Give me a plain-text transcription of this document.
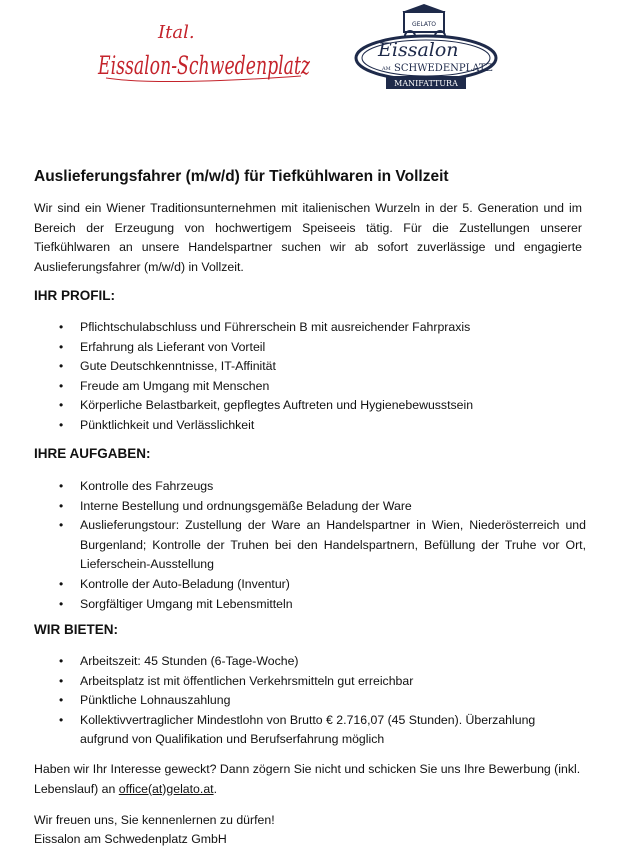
Ital.
Eissalon-Schwedenplatz
GELATO
Eissalon
AM SCHWEDENPLATZ
MANIFATTURA
Auslieferungsfahrer (m/w/d) für Tiefkühlwaren in Vollzeit

Wir sind ein Wiener Traditionsunternehmen mit italienischen Wurzeln in der 5. Generation und im Bereich der Erzeugung von hochwertigem Speiseeis tätig. Für die Zustellungen unserer Tiefkühlwaren an unsere Handelspartner suchen wir ab sofort zuverlässige und engagierte Auslieferungsfahrer (m/w/d) in Vollzeit.

IHR PROFIL:
• Pflichtschulabschluss und Führerschein B mit ausreichender Fahrpraxis
• Erfahrung als Lieferant von Vorteil
• Gute Deutschkenntnisse, IT-Affinität
• Freude am Umgang mit Menschen
• Körperliche Belastbarkeit, gepflegtes Auftreten und Hygienebewusstsein
• Pünktlichkeit und Verlässlichkeit
IHRE AUFGABEN:
• Kontrolle des Fahrzeugs
• Interne Bestellung und ordnungsgemäße Beladung der Ware
• Auslieferungstour: Zustellung der Ware an Handelspartner in Wien, Niederösterreich und Burgenland; Kontrolle der Truhen bei den Handelspartnern, Befüllung der Truhe vor Ort, Lieferschein-Ausstellung
• Kontrolle der Auto-Beladung (Inventur)
• Sorgfältiger Umgang mit Lebensmitteln
WIR BIETEN:
• Arbeitszeit: 45 Stunden (6-Tage-Woche)
• Arbeitsplatz ist mit öffentlichen Verkehrsmitteln gut erreichbar
• Pünktliche Lohnauszahlung
• Kollektivvertraglicher Mindestlohn von Brutto € 2.716,07 (45 Stunden). Überzahlung aufgrund von Qualifikation und Berufserfahrung möglich

Haben wir Ihr Interesse geweckt? Dann zögern Sie nicht und schicken Sie uns Ihre Bewerbung (inkl. Lebenslauf) an office(at)gelato.at.

Wir freuen uns, Sie kennenlernen zu dürfen!
Eissalon am Schwedenplatz GmbH
